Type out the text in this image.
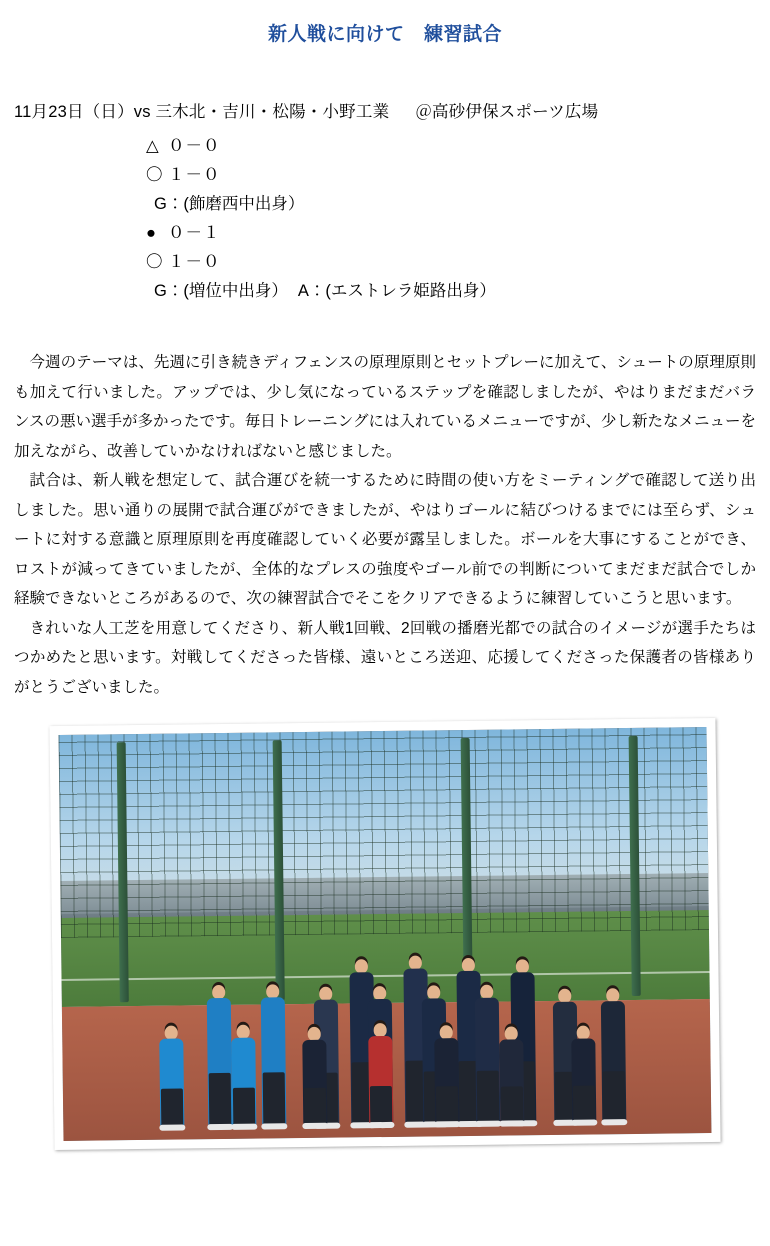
新人戦に向けて　練習試合
11月23日（日）vs 三木北・吉川・松陽・小野工業 ＠高砂伊保スポーツ広場
△ ０－０
〇 １－０
G：(飾磨西中出身）
● ０－１
〇 １－０
G：(増位中出身） A：(エストレラ姫路出身）

今週のテーマは、先週に引き続きディフェンスの原理原則とセットプレーに加えて、シュートの原理原則も加えて行いました。アップでは、少し気になっているステップを確認しましたが、やはりまだまだバランスの悪い選手が多かったです。毎日トレーニングには入れているメニューですが、少し新たなメニューを加えながら、改善していかなければないと感じました。

試合は、新人戦を想定して、試合運びを統一するために時間の使い方をミーティングで確認して送り出しました。思い通りの展開で試合運びができましたが、やはりゴールに結びつけるまでには至らず、シュートに対する意識と原理原則を再度確認していく必要が露呈しました。ボールを大事にすることができ、ロストが減ってきていましたが、全体的なプレスの強度やゴール前での判断についてまだまだ試合でしか経験できないところがあるので、次の練習試合でそこをクリアできるように練習していこうと思います。

きれいな人工芝を用意してくださり、新人戦1回戦、2回戦の播磨光都での試合のイメージが選手たちはつかめたと思います。対戦してくださった皆様、遠いところ送迎、応援してくださった保護者の皆様ありがとうございました。
